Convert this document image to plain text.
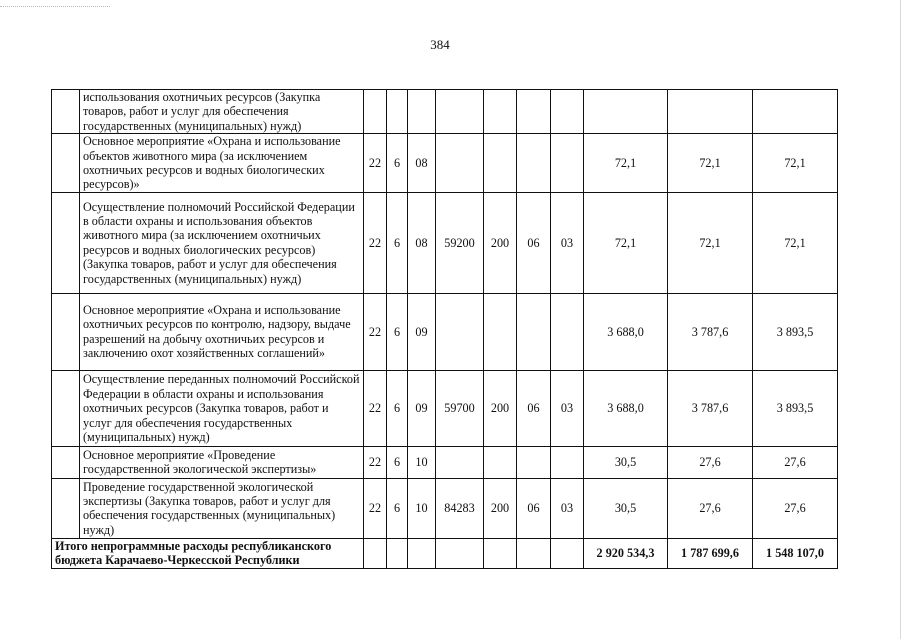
384
	использования охотничьих ресурсов (Закупка товаров, работ и услуг для обеспечения государственных (муниципальных) нужд)										
	Основное мероприятие «Охрана и использование объектов животного мира (за исключением охотничьих ресурсов и водных биологических ресурсов)»	22	6	08					72,1	72,1	72,1
	Осуществление полномочий Российской Федерации в области охраны и использования объектов животного мира (за исключением охотничьих ресурсов и водных биологических ресурсов) (Закупка товаров, работ и услуг для обеспечения государственных (муниципальных) нужд)	22	6	08	59200	200	06	03	72,1	72,1	72,1
	Основное мероприятие «Охрана и использование охотничьих ресурсов по контролю, надзору, выдаче разрешений на добычу охотничьих ресурсов и заключению охот хозяйственных соглашений»	22	6	09					3 688,0	3 787,6	3 893,5
	Осуществление переданных полномочий Российской Федерации в области охраны и использования охотничьих ресурсов (Закупка товаров, работ и услуг для обеспечения государственных (муниципальных) нужд)	22	6	09	59700	200	06	03	3 688,0	3 787,6	3 893,5
	Основное мероприятие «Проведение государственной экологической экспертизы»	22	6	10					30,5	27,6	27,6
	Проведение государственной экологической экспертизы (Закупка товаров, работ и услуг для обеспечения государственных (муниципальных) нужд)	22	6	10	84283	200	06	03	30,5	27,6	27,6
Итого непрограммные расходы республиканского бюджета Карачаево-Черкесской Республики									2 920 534,3	1 787 699,6	1 548 107,0
